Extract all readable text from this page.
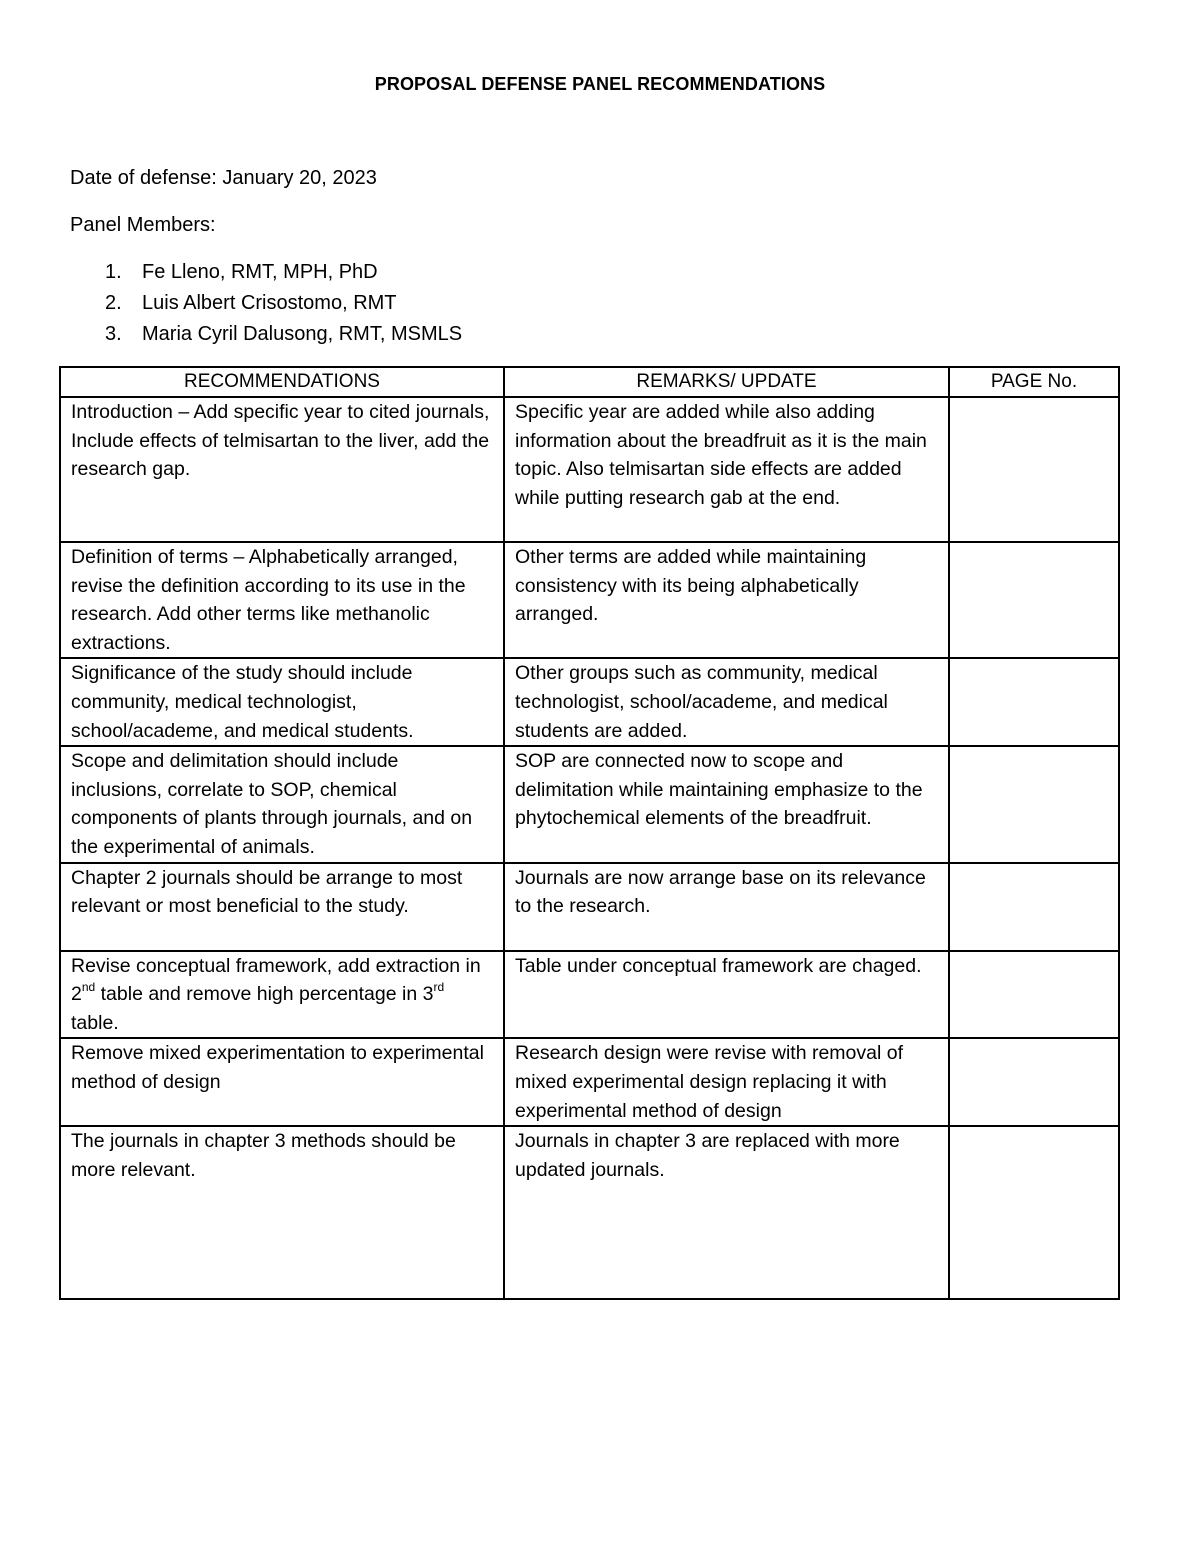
PROPOSAL DEFENSE PANEL RECOMMENDATIONS
Date of defense: January 20, 2023
Panel Members:
1. Fe Lleno, RMT, MPH, PhD
2. Luis Albert Crisostomo, RMT
3. Maria Cyril Dalusong, RMT, MSMLS
RECOMMENDATIONS	REMARKS/ UPDATE	PAGE No.
Introduction – Add specific year to cited journals, Include effects of telmisartan to the liver, add the research gap.	Specific year are added while also adding information about the breadfruit as it is the main topic. Also telmisartan side effects are added while putting research gab at the end.	
Definition of terms – Alphabetically arranged, revise the definition according to its use in the research. Add other terms like methanolic extractions.	Other terms are added while maintaining consistency with its being alphabetically arranged.	
Significance of the study should include community, medical technologist, school/academe, and medical students.	Other groups such as community, medical technologist, school/academe, and medical students are added.	
Scope and delimitation should include inclusions, correlate to SOP, chemical components of plants through journals, and on the experimental of animals.	SOP are connected now to scope and delimitation while maintaining emphasize to the phytochemical elements of the breadfruit.	
Chapter 2 journals should be arrange to most relevant or most beneficial to the study.	Journals are now arrange base on its relevance to the research.	
Revise conceptual framework, add extraction in 2nd table and remove high percentage in 3rd table.	Table under conceptual framework are chaged.	
Remove mixed experimentation to experimental method of design	Research design were revise with removal of mixed experimental design replacing it with experimental method of design	
The journals in chapter 3 methods should be more relevant.	Journals in chapter 3 are replaced with more updated journals.	
